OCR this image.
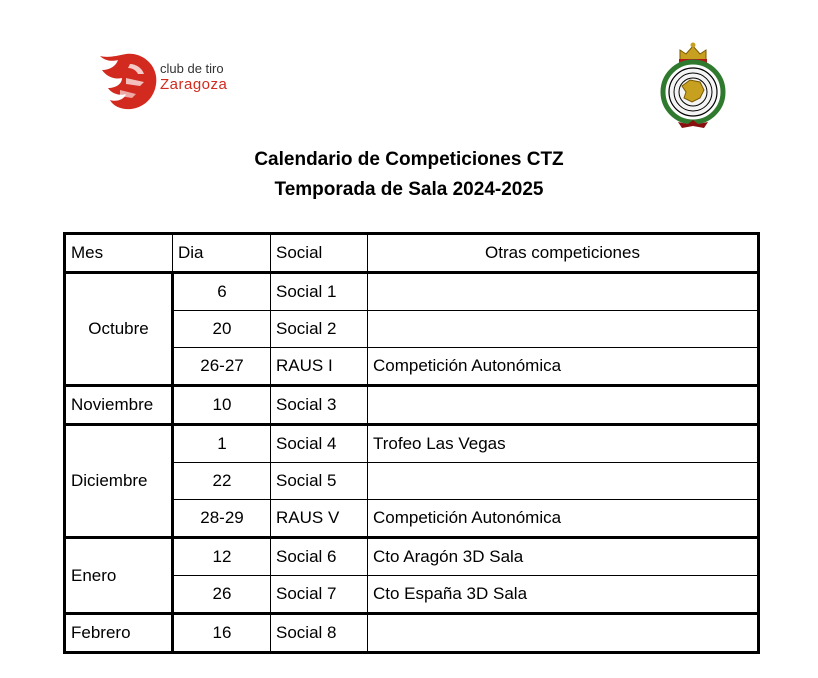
club de tiro
Zaragoza
Calendario de Competiciones CTZ
Temporada de Sala 2024-2025
Mes	Dia	Social	Otras competiciones
Octubre	6	Social 1	
	20	Social 2	
	26-27	RAUS I	Competición Autonómica
Noviembre	10	Social 3	
Diciembre	1	Social 4	Trofeo Las Vegas
	22	Social 5	
	28-29	RAUS V	Competición Autonómica
Enero	12	Social 6	Cto Aragón 3D Sala
	26	Social 7	Cto España 3D Sala
Febrero	16	Social 8	
